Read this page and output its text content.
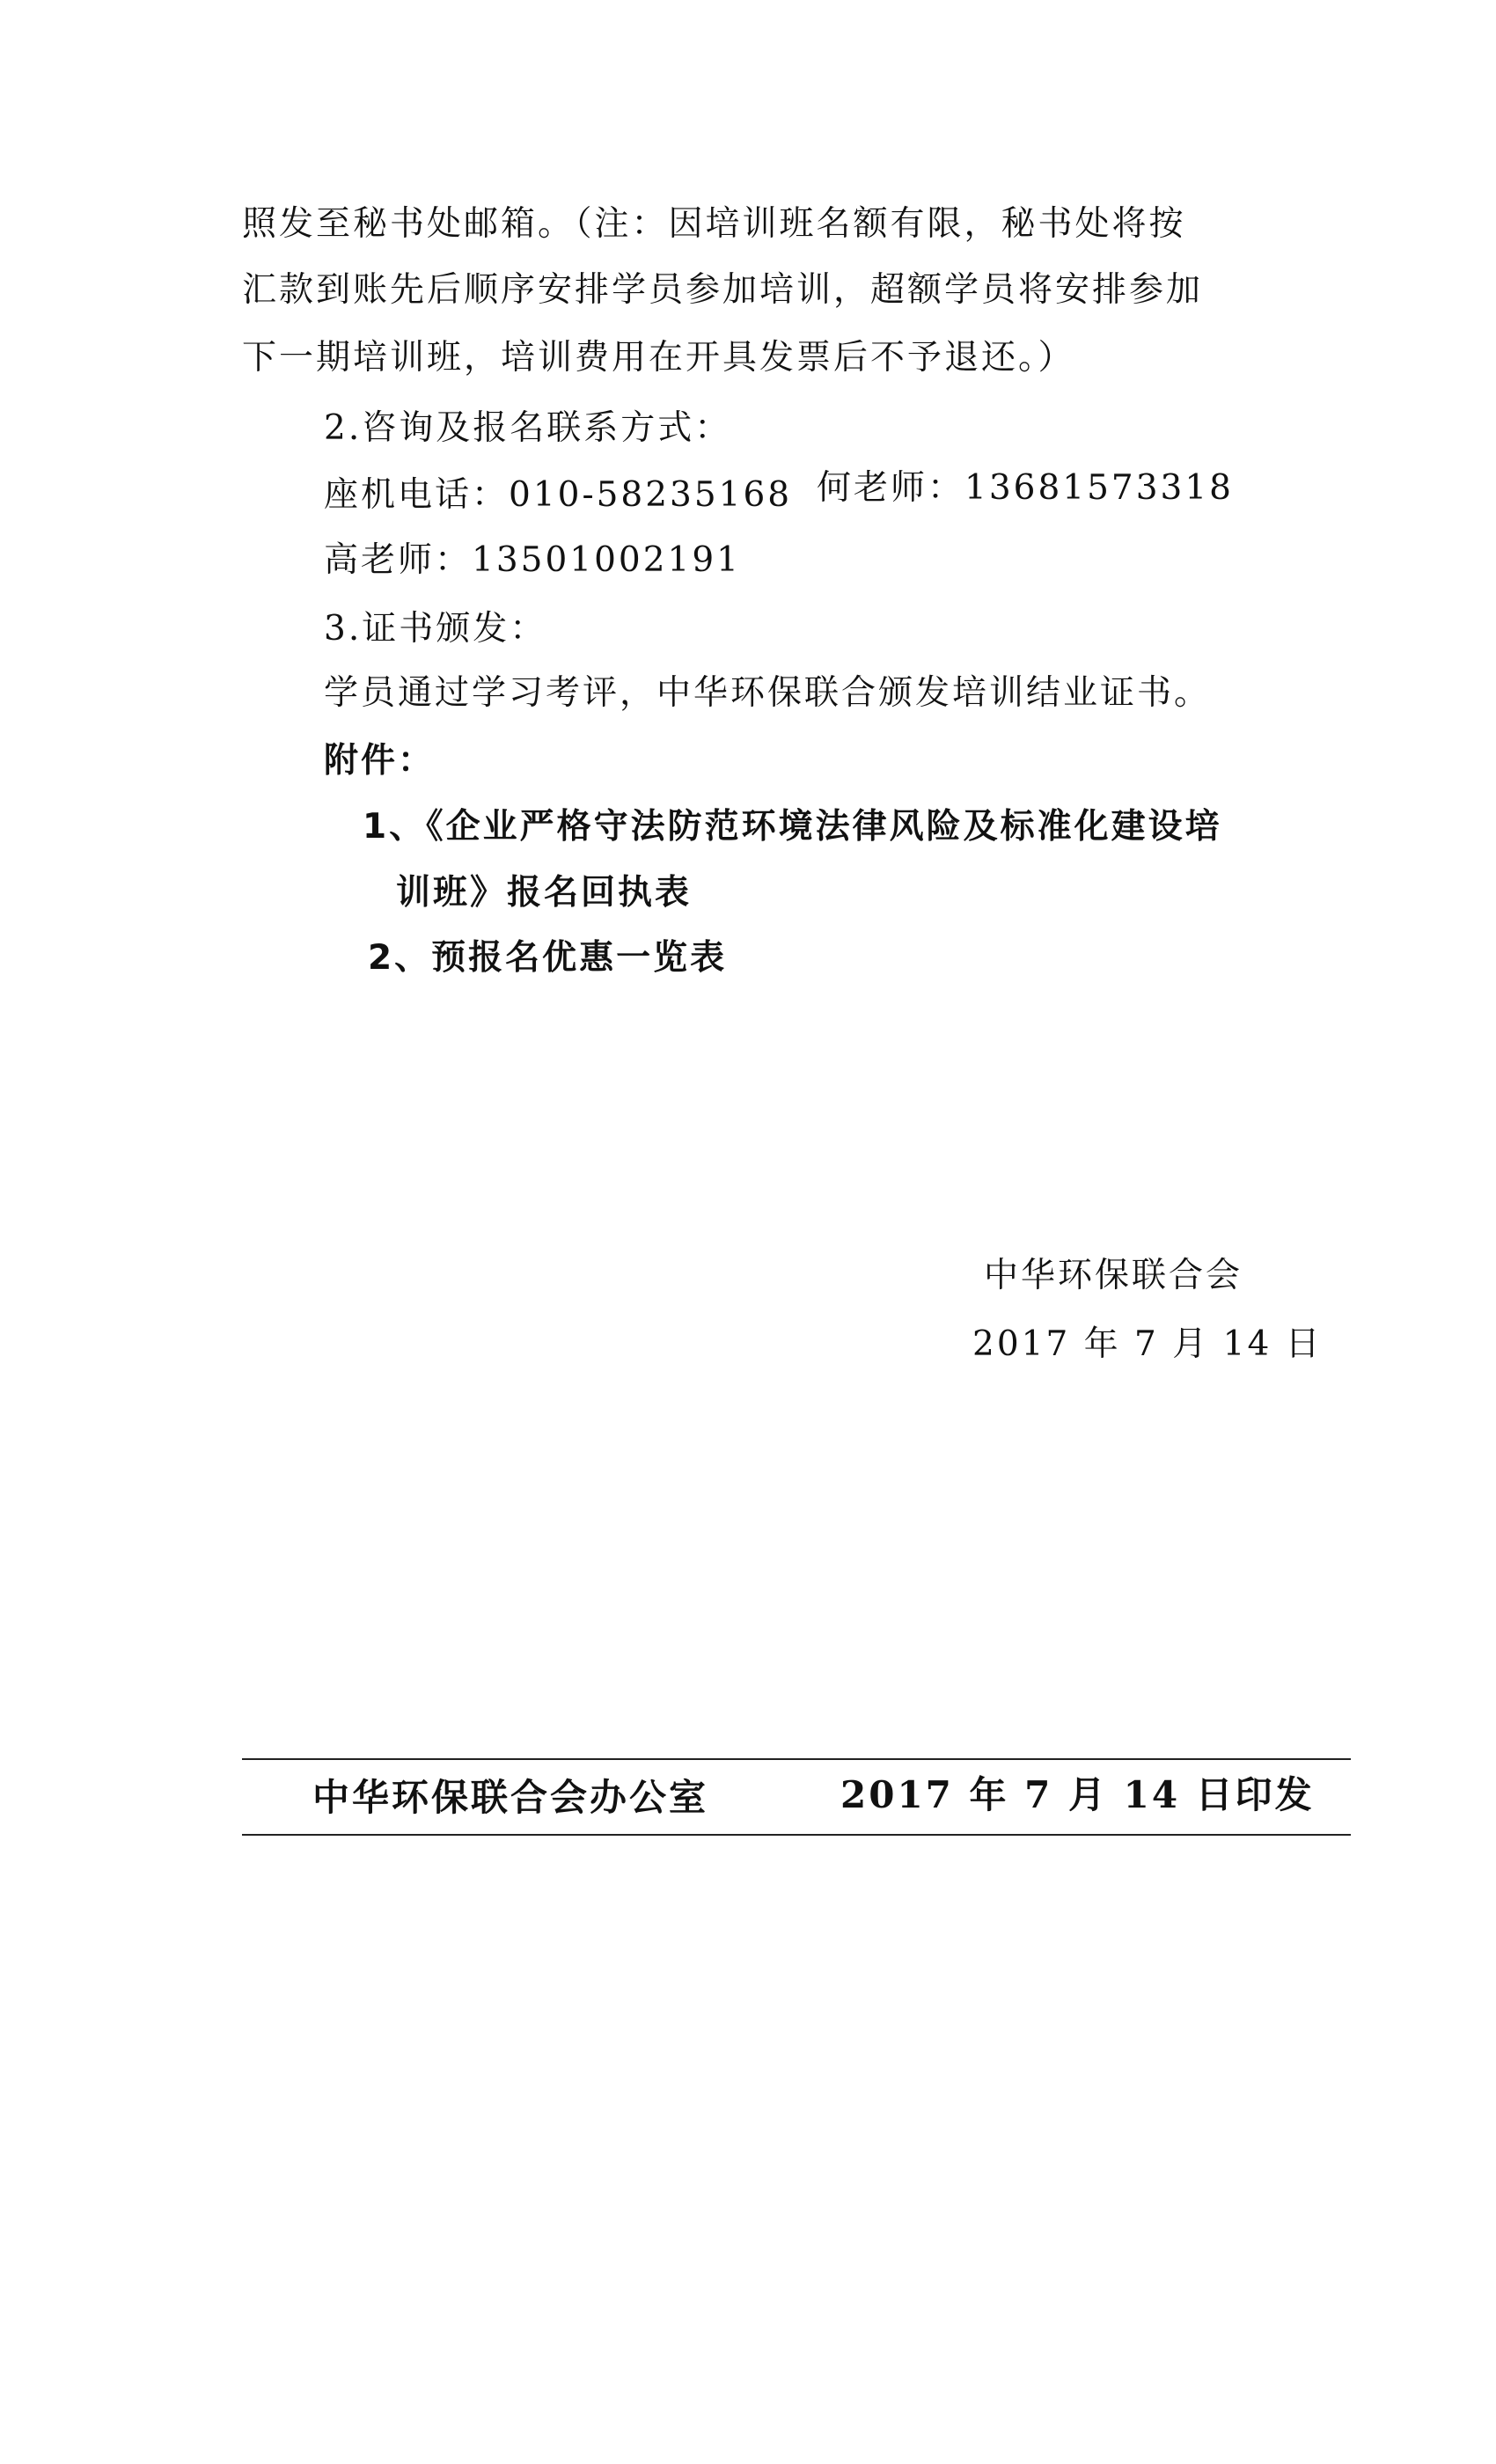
照发至秘书处邮箱。（注：因培训班名额有限，秘书处将按
汇款到账先后顺序安排学员参加培训，超额学员将安排参加
下一期培训班，培训费用在开具发票后不予退还。）
2.咨询及报名联系方式：
座机电话：010-58235168 何老师：13681573318
高老师：13501002191
3.证书颁发：
学员通过学习考评，中华环保联合颁发培训结业证书。
附件：
1、《企业严格守法防范环境法律风险及标准化建设培
训班》报名回执表
2、预报名优惠一览表
中华环保联合会
2017 年 7 月 14 日
中华环保联合会办公室	2017 年 7 月 14 日印发
